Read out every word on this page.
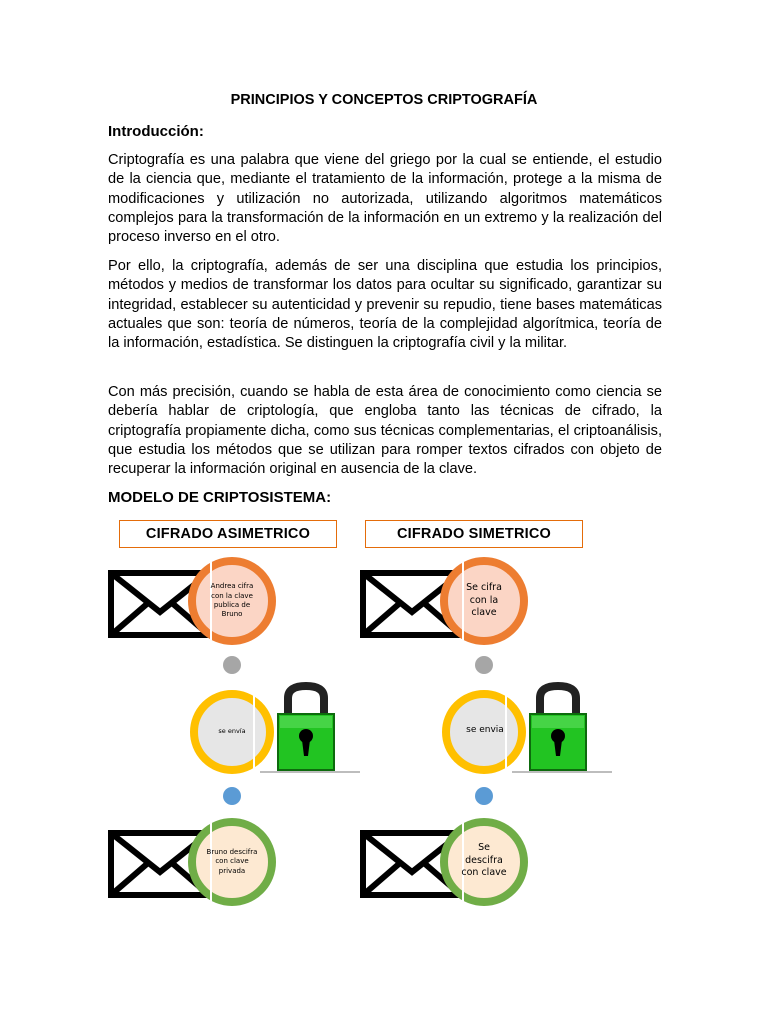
PRINCIPIOS Y CONCEPTOS CRIPTOGRAFÍA
Introducción:

Criptografía es una palabra que viene del griego por la cual se entiende, el estudio de la ciencia que, mediante el tratamiento de la información, protege a la misma de modificaciones y utilización no autorizada, utilizando algoritmos matemáticos complejos para la transformación de la información en un extremo y la realización del proceso inverso en el otro.

Por ello, la criptografía, además de ser una disciplina que estudia los principios, métodos y medios de transformar los datos para ocultar su significado, garantizar su integridad, establecer su autenticidad y prevenir su repudio, tiene bases matemáticas actuales que son: teoría de números, teoría de la complejidad algorítmica, teoría de la información, estadística. Se distinguen la criptografía civil y la militar.

Con más precisión, cuando se habla de esta área de conocimiento como ciencia se debería hablar de criptología, que engloba tanto las técnicas de cifrado, la criptografía propiamente dicha, como sus técnicas complementarias, el criptoanálisis, que estudia los métodos que se utilizan para romper textos cifrados con objeto de recuperar la información original en ausencia de la clave.

MODELO DE CRIPTOSISTEMA:
CIFRADO ASIMETRICO	CIFRADO SIMETRICO
Andrea cifra con la clave publica de Bruno
se envía
Bruno descifra con clave privada
Se cifra con la clave
se envia
Se descifra con clave
